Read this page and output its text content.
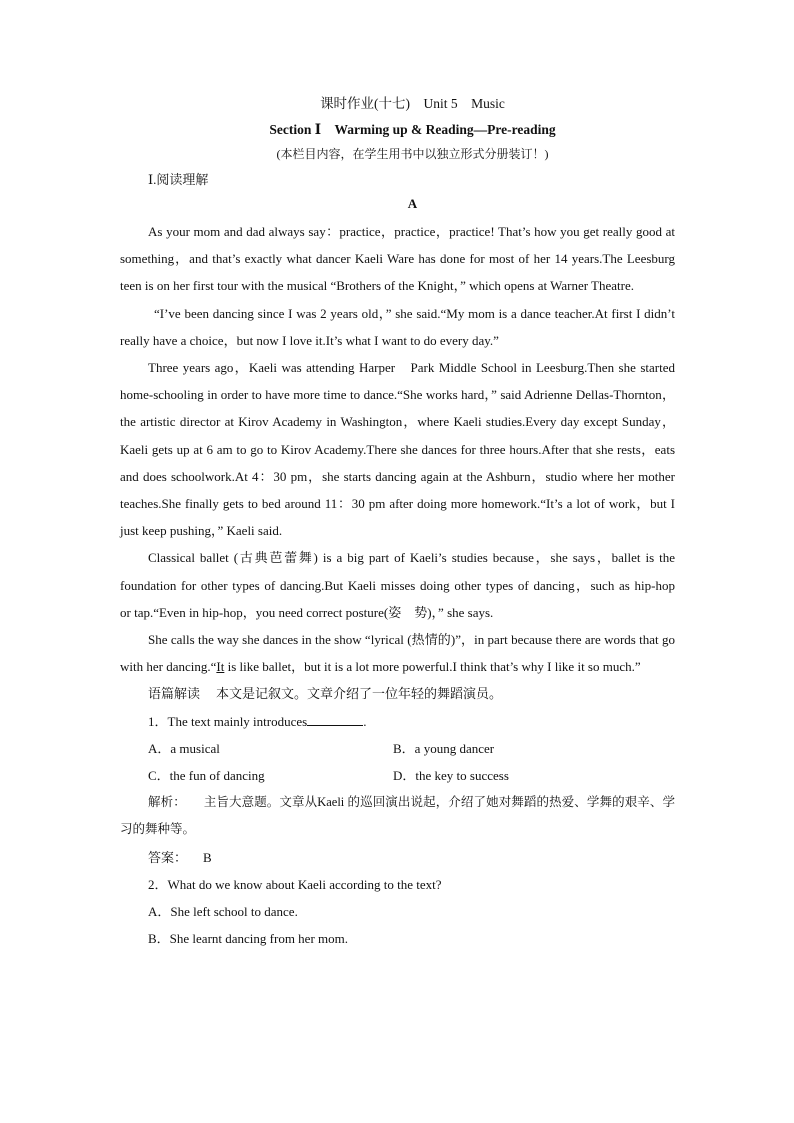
课时作业(十七)　Unit 5　Music
Section Ⅰ　Warming up & Reading—Pre-reading
(本栏目内容，在学生用书中以独立形式分册装订！)
Ⅰ.阅读理解
A

As your mom and dad always say：practice，practice，practice! That’s how you get really good at something，and that’s exactly what dancer Kaeli Ware has done for most of her 14 years.The Leesburg teen is on her first tour with the musical “Brothers of the Knight，” which opens at Warner Theatre.

“I’ve been dancing since I was 2 years old，” she said.“My mom is a dance teacher.At first I didn’t really have a choice，but now I love it.It’s what I want to do every day.”

Three years ago，Kaeli was attending Harper　Park Middle School in Leesburg.Then she started　home-schooling in order to have more time to dance.“She works hard，” said Adrienne Dellas-Thornton，the artistic director at Kirov Academy in Washington，where Kaeli studies.Every day except Sunday，Kaeli gets up at 6 am to go to Kirov Academy.There she dances for three hours.After that she rests，eats and does schoolwork.At 4：30 pm，she starts dancing again at the Ashburn，studio where her mother teaches.She finally gets to bed around 11：30 pm after doing more homework.“It’s a lot of work，but I just keep pushing，” Kaeli said.

Classical ballet (古典芭蕾舞) is a big part of Kaeli’s studies because，she says，ballet is the foundation for other types of dancing.But Kaeli misses doing other types of dancing，such as hip-hop　or tap.“Even in hip-hop，you need correct posture(姿　势)，” she says.

She calls the way she dances in the show “lyrical (热情的)”，in part because there are words that go with her dancing.“It is like ballet，but it is a lot more powerful.I think that’s why I like it so much.”

语篇解读 本文是记叙文。文章介绍了一位年轻的舞蹈演员。

1．The text mainly introduces	.

A．a musical	B．a young dancer
C．the fun of dancing	D．the key to success

解析： 主旨大意题。文章从Kaeli 的巡回演出说起，介绍了她对舞蹈的热爱、学舞的艰辛、学习的舞种等。

答案： B

2．What do we know about Kaeli according to the text?

A．She left school to dance.

B．She learnt dancing from her mom.
